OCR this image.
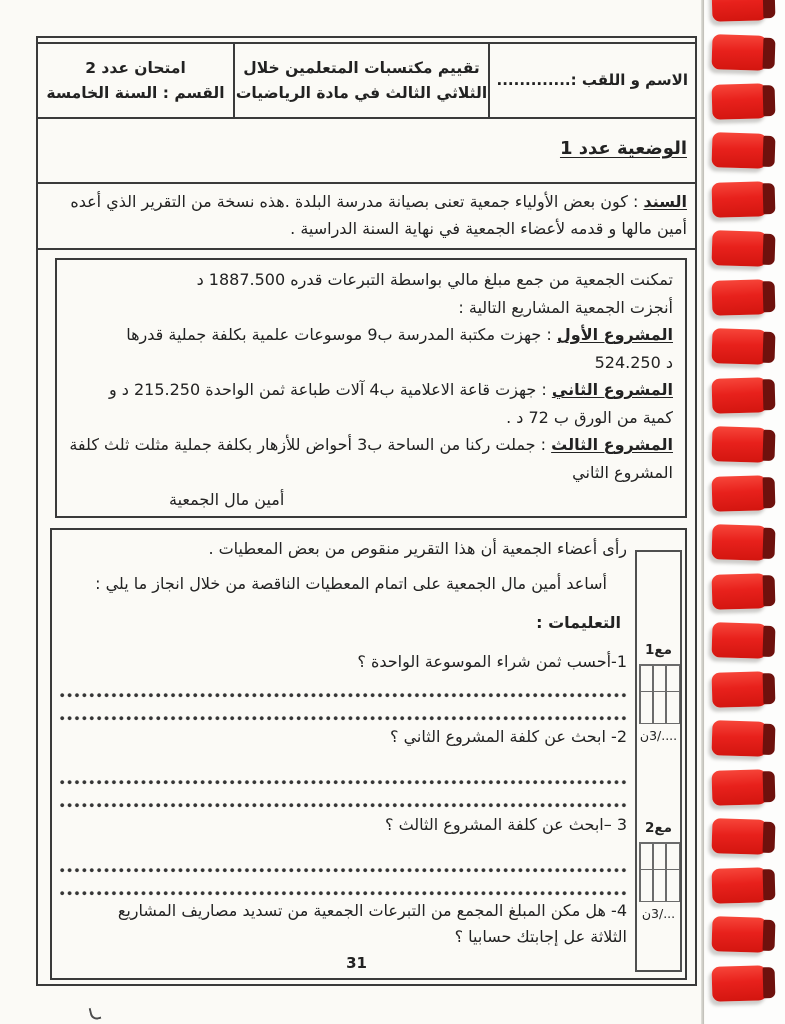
الاسم و اللقب :.............
تقييم مكتسبات المتعلمين خلال
الثلاثي الثالث في مادة الرياضيات
امتحان عدد 2
القسم : السنة الخامسة
الوضعية عدد 1
السند : كون بعض الأولياء جمعية تعنى بصيانة مدرسة البلدة .هذه نسخة من التقرير الذي أعده
أمين مالها و قدمه لأعضاء الجمعية في نهاية السنة الدراسية .
تمكنت الجمعية من جمع مبلغ مالي بواسطة التبرعات قدره 1887.500 د
أنجزت الجمعية المشاريع التالية :
المشروع الأول : جهزت مكتبة المدرسة ب9 موسوعات علمية بكلفة جملية قدرها
524.250 د
المشروع الثاني : جهزت قاعة الاعلامية ب4 آلات طباعة ثمن الواحدة 215.250 د و
كمية من الورق ب 72 د .
المشروع الثالث : جملت ركنا من الساحة ب3 أحواض للأزهار بكلفة جملية مثلت ثلث كلفة
المشروع الثاني
أمين مال الجمعية
رأى أعضاء الجمعية أن هذا التقرير منقوص من بعض المعطيات .
أساعد أمين مال الجمعية على اتمام المعطيات الناقصة من خلال انجاز ما يلي :
التعليمات :
1-أحسب ثمن شراء الموسوعة الواحدة ؟
2- ابحث عن كلفة المشروع الثاني ؟
3 –ابحث عن كلفة المشروع الثالث ؟
4- هل مكن المبلغ المجمع من التبرعات الجمعية من تسديد مصاريف المشاريع
الثلاثة عل إجابتك حسابيا ؟
مع1
..../3ن
مع2
.../3ن
31
